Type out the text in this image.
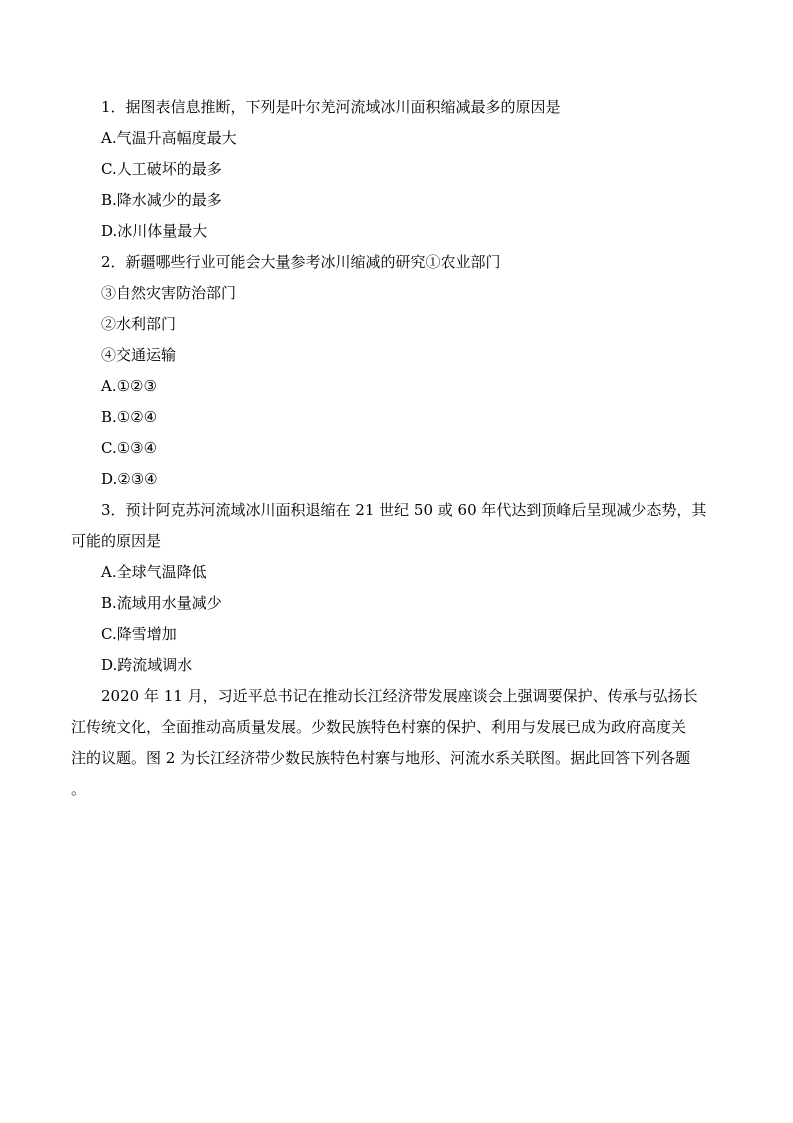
1．据图表信息推断，下列是叶尔羌河流域冰川面积缩减最多的原因是
A.气温升高幅度最大
C.人工破坏的最多
B.降水减少的最多
D.冰川体量最大
2．新疆哪些行业可能会大量参考冰川缩减的研究①农业部门
③自然灾害防治部门
②水利部门
④交通运输
A.①②③
B.①②④
C.①③④
D.②③④
3．预计阿克苏河流域冰川面积退缩在 21 世纪 50 或 60 年代达到顶峰后呈现减少态势，其
可能的原因是
A.全球气温降低
B.流域用水量减少
C.降雪增加
D.跨流域调水
2020 年 11 月，习近平总书记在推动长江经济带发展座谈会上强调要保护、传承与弘扬长
江传统文化，全面推动高质量发展。少数民族特色村寨的保护、利用与发展已成为政府高度关
注的议题。图 2 为长江经济带少数民族特色村寨与地形、河流水系关联图。据此回答下列各题
。
